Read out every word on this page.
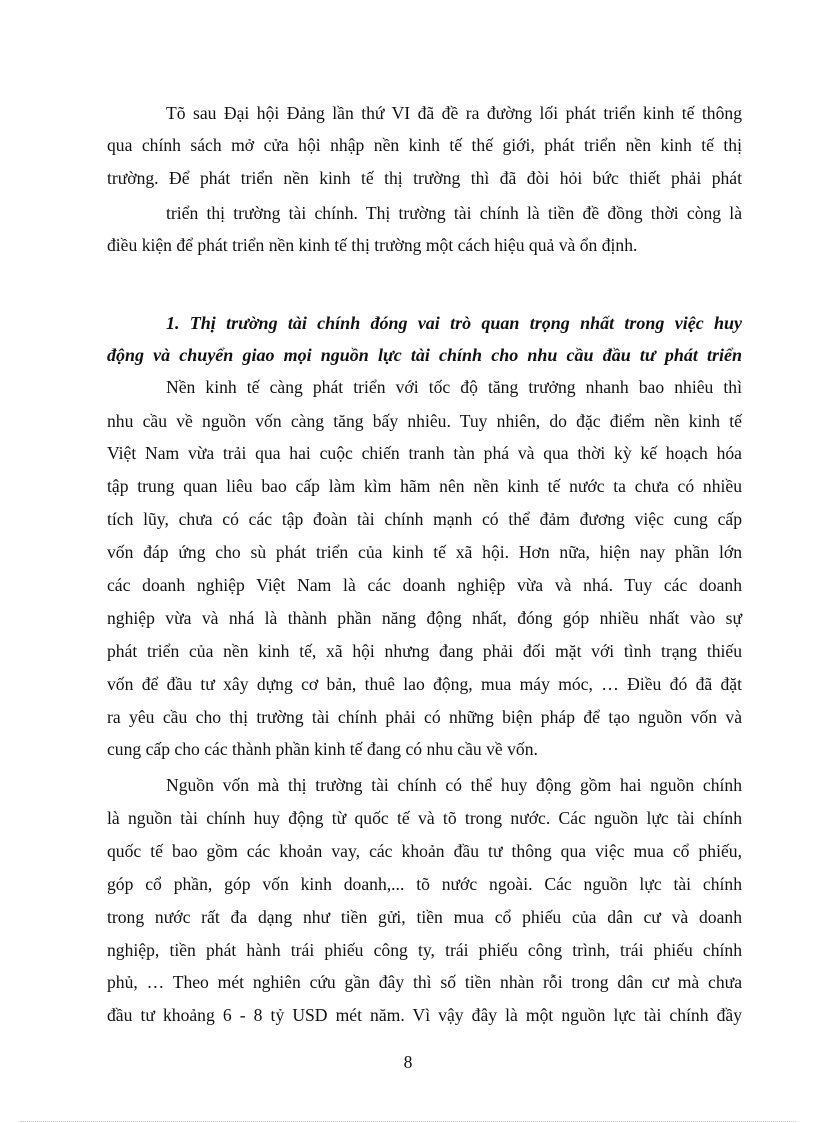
Tõ sau Đại hội Đảng lần thứ VI đã đề ra đường lối phát triển kinh tế thông
qua chính sách mở cửa hội nhập nền kinh tế thế giới, phát triển nền kinh tế thị
trường. Để phát triển nền kinh tế thị trường thì đã đòi hỏi bức thiết phải phát
triển thị trường tài chính. Thị trường tài chính là tiền đề đồng thời còng là
điều kiện để phát triển nền kinh tế thị trường một cách hiệu quả và ổn định.
1. Thị trường tài chính đóng vai trò quan trọng nhất trong việc huy
động và chuyển giao mọi nguồn lực tài chính cho nhu cầu đầu tư phát triển
Nền kinh tế càng phát triển với tốc độ tăng trưởng nhanh bao nhiêu thì
nhu cầu về nguồn vốn càng tăng bấy nhiêu. Tuy nhiên, do đặc điểm nền kinh tế
Việt Nam vừa trải qua hai cuộc chiến tranh tàn phá và qua thời kỳ kế hoạch hóa
tập trung quan liêu bao cấp làm kìm hãm nên nền kinh tế nước ta chưa có nhiều
tích lũy, chưa có các tập đoàn tài chính mạnh có thể đảm đương việc cung cấp
vốn đáp ứng cho sù phát triển của kinh tế xã hội. Hơn nữa, hiện nay phần lớn
các doanh nghiệp Việt Nam là các doanh nghiệp vừa và nhá. Tuy các doanh
nghiệp vừa và nhá là thành phần năng động nhất, đóng góp nhiều nhất vào sự
phát triển của nền kinh tế, xã hội nhưng đang phải đối mặt với tình trạng thiếu
vốn để đầu tư xây dựng cơ bản, thuê lao động, mua máy móc, … Điều đó đã đặt
ra yêu cầu cho thị trường tài chính phải có những biện pháp để tạo nguồn vốn và
cung cấp cho các thành phần kinh tế đang có nhu cầu về vốn.
Nguồn vốn mà thị trường tài chính có thể huy động gồm hai nguồn chính
là nguồn tài chính huy động từ quốc tế và tõ trong nước. Các nguồn lực tài chính
quốc tế bao gồm các khoản vay, các khoản đầu tư thông qua việc mua cổ phiếu,
góp cổ phần, góp vốn kinh doanh,... tõ nước ngoài. Các nguồn lực tài chính
trong nước rất đa dạng như tiền gửi, tiền mua cổ phiếu của dân cư và doanh
nghiệp, tiền phát hành trái phiếu công ty, trái phiếu công trình, trái phiếu chính
phủ, … Theo mét nghiên cứu gần đây thì số tiền nhàn rỗi trong dân cư mà chưa
đầu tư khoảng 6 - 8 tỷ USD mét năm. Vì vậy đây là một nguồn lực tài chính đầy
8
